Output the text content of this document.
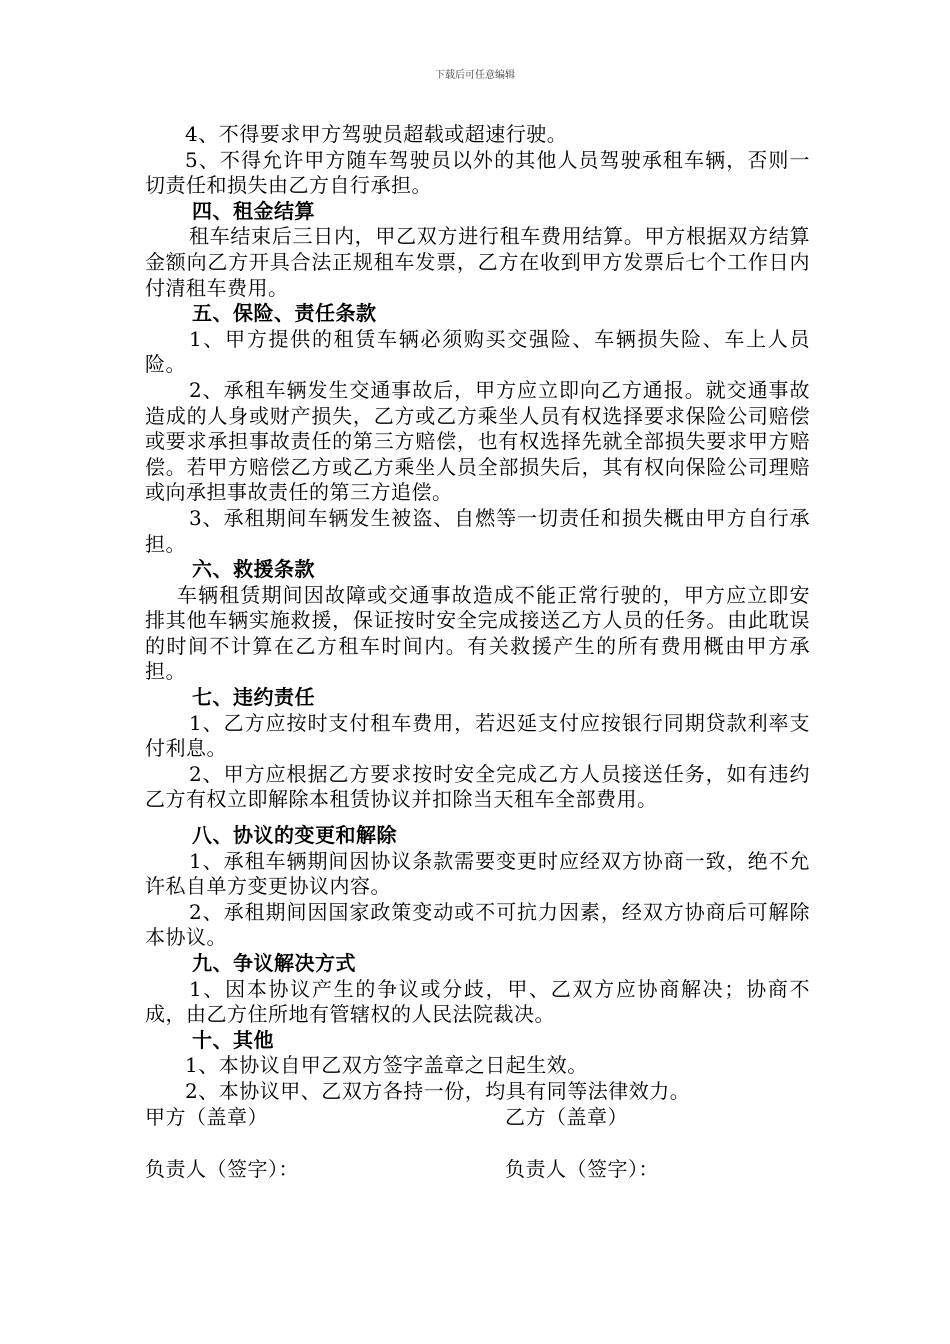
下载后可任意编辑

4、不得要求甲方驾驶员超载或超速行驶。

5、不得允许甲方随车驾驶员以外的其他人员驾驶承租车辆，否则一切责任和损失由乙方自行承担。

四、租金结算

租车结束后三日内，甲乙双方进行租车费用结算。甲方根据双方结算金额向乙方开具合法正规租车发票，乙方在收到甲方发票后七个工作日内付清租车费用。

五、保险、责任条款

1、甲方提供的租赁车辆必须购买交强险、车辆损失险、车上人员险。

2、承租车辆发生交通事故后，甲方应立即向乙方通报。就交通事故造成的人身或财产损失，乙方或乙方乘坐人员有权选择要求保险公司赔偿或要求承担事故责任的第三方赔偿，也有权选择先就全部损失要求甲方赔偿。若甲方赔偿乙方或乙方乘坐人员全部损失后，其有权向保险公司理赔或向承担事故责任的第三方追偿。

3、承租期间车辆发生被盗、自燃等一切责任和损失概由甲方自行承担。

六、救援条款

车辆租赁期间因故障或交通事故造成不能正常行驶的，甲方应立即安排其他车辆实施救援，保证按时安全完成接送乙方人员的任务。由此耽误的时间不计算在乙方租车时间内。有关救援产生的所有费用概由甲方承担。

七、违约责任

1、乙方应按时支付租车费用，若迟延支付应按银行同期贷款利率支付利息。

2、甲方应根据乙方要求按时安全完成乙方人员接送任务，如有违约乙方有权立即解除本租赁协议并扣除当天租车全部费用。

八、协议的变更和解除

1、承租车辆期间因协议条款需要变更时应经双方协商一致，绝不允许私自单方变更协议内容。

2、承租期间因国家政策变动或不可抗力因素，经双方协商后可解除本协议。

九、争议解决方式

1、因本协议产生的争议或分歧，甲、乙双方应协商解决；协商不成，由乙方住所地有管辖权的人民法院裁决。

十、其他

1、本协议自甲乙双方签字盖章之日起生效。

2、本协议甲、乙双方各持一份，均具有同等法律效力。

甲方（盖章）	乙方（盖章）
负责人（签字）：	负责人（签字）：
